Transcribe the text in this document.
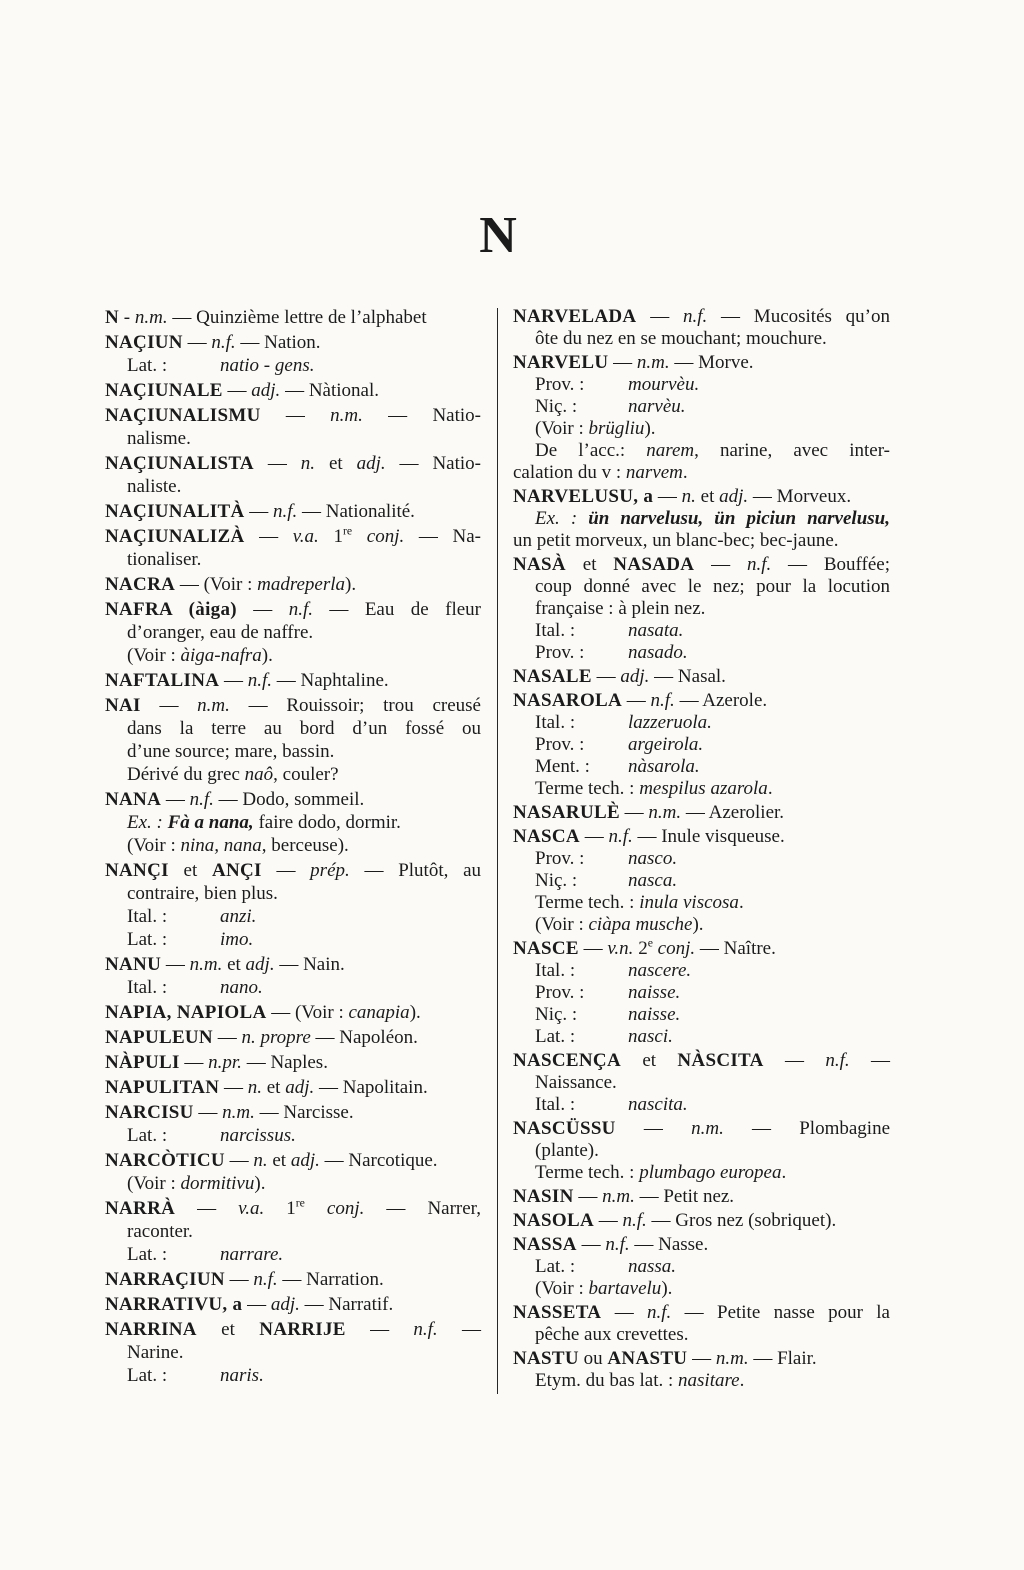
N
N - n.m. — Quinzième lettre de l’alphabet
NAÇIUN — n.f. — Nation.
Lat. :	natio - gens.
NAÇIUNALE — adj. — Nàtional.
NAÇIUNALISMU — n.m. — Natio-
nalisme.
NAÇIUNALISTA — n. et adj. — Natio-
naliste.
NAÇIUNALITÀ — n.f. — Nationalité.
NAÇIUNALIZÀ — v.a. 1re conj. — Na-
tionaliser.
NACRA — (Voir : madreperla).
NAFRA (àiga) — n.f. — Eau de fleur
d’oranger, eau de naffre.
(Voir : àiga-nafra).
NAFTALINA — n.f. — Naphtaline.
NAI — n.m. — Rouissoir; trou creusé
dans la terre au bord d’un fossé ou
d’une source; mare, bassin.
Dérivé du grec naô, couler?
NANA — n.f. — Dodo, sommeil.
Ex. : Fà a nana, faire dodo, dormir.
(Voir : nina, nana, berceuse).
NANÇI et ANÇI — prép. — Plutôt, au
contraire, bien plus.
Ital. :	anzi.
Lat. :	imo.
NANU — n.m. et adj. — Nain.
Ital. :	nano.
NAPIA, NAPIOLA — (Voir : canapia).
NAPULEUN — n. propre — Napoléon.
NÀPULI — n.pr. — Naples.
NAPULITAN — n. et adj. — Napolitain.
NARCISU — n.m. — Narcisse.
Lat. :	narcissus.
NARCÒTICU — n. et adj. — Narcotique.
(Voir : dormitivu).
NARRÀ — v.a. 1re conj. — Narrer,
raconter.
Lat. :	narrare.
NARRAÇIUN — n.f. — Narration.
NARRATIVU, a — adj. — Narratif.
NARRINA et NARRIJE — n.f. —
Narine.
Lat. :	naris.
NARVELADA — n.f. — Mucosités qu’on
ôte du nez en se mouchant; mouchure.
NARVELU — n.m. — Morve.
Prov. : mourvèu.
Niç. :	narvèu.
(Voir : brügliu).
De l’acc.: narem, narine, avec inter-
calation du v : narvem.
NARVELUSU, a — n. et adj. — Morveux.
Ex. : ün narvelusu, ün piciun narvelusu,
un petit morveux, un blanc-bec; bec-jaune.
NASÀ et NASADA — n.f. — Bouffée;
coup donné avec le nez; pour la locution
française : à plein nez.
Ital. :	nasata.
Prov. : nasado.
NASALE — adj. — Nasal.
NASAROLA — n.f. — Azerole.
Ital. :	lazzeruola.
Prov. : argeirola.
Ment. : nàsarola.
Terme tech. : mespilus azarola.
NASARULÈ — n.m. — Azerolier.
NASCA — n.f. — Inule visqueuse.
Prov. : nasco.
Niç. :	nasca.
Terme tech. : inula viscosa.
(Voir : ciàpa musche).
NASCE — v.n. 2e conj. — Naître.
Ital. :	nascere.
Prov. : naisse.
Niç. :	naisse.
Lat. :	nasci.
NASCENÇA et NÀSCITA — n.f. —
Naissance.
Ital. :	nascita.
NASCÜSSU — n.m. — Plombagine
(plante).
Terme tech. : plumbago europea.
NASIN — n.m. — Petit nez.
NASOLA — n.f. — Gros nez (sobriquet).
NASSA — n.f. — Nasse.
Lat. :	nassa.
(Voir : bartavelu).
NASSETA — n.f. — Petite nasse pour la
pêche aux crevettes.
NASTU ou ANASTU — n.m. — Flair.
Etym. du bas lat. : nasitare.
